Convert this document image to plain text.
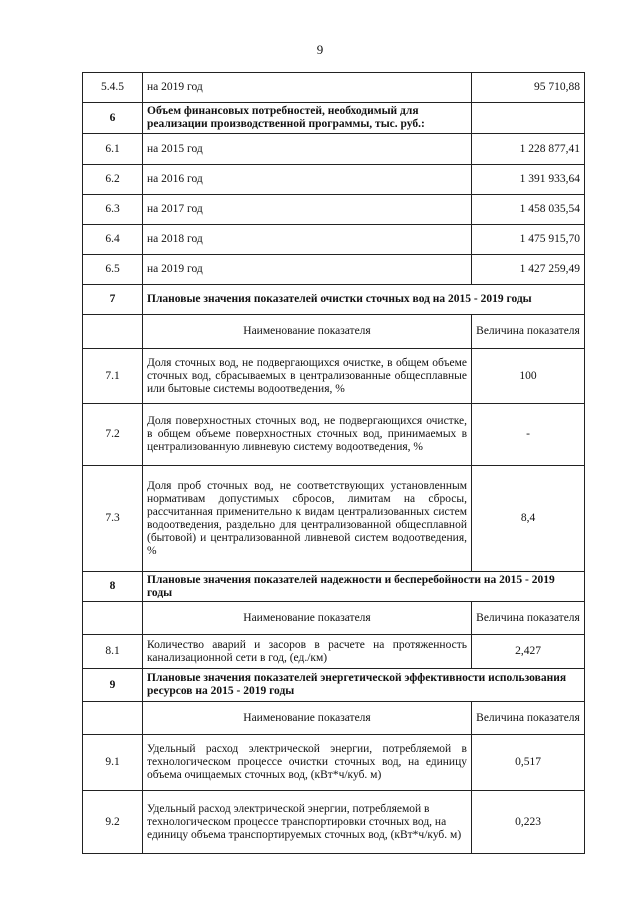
9
5.4.5	на 2019 год	95 710,88
6	Объем финансовых потребностей, необходимый для реализации производственной программы, тыс. руб.:	
6.1	на 2015 год	1 228 877,41
6.2	на 2016 год	1 391 933,64
6.3	на 2017 год	1 458 035,54
6.4	на 2018 год	1 475 915,70
6.5	на 2019 год	1 427 259,49
7	Плановые значения показателей очистки сточных вод на 2015 - 2019 годы	
	Наименование показателя	Величина показателя
7.1	Доля сточных вод, не подвергающихся очистке, в общем объеме сточных вод, сбрасываемых в централизованные общесплавные или бытовые системы водоотведения, %	100
7.2	Доля поверхностных сточных вод, не подвергающихся очистке, в общем объеме поверхностных сточных вод, принимаемых в централизованную ливневую систему водоотведения, %	-
7.3	Доля проб сточных вод, не соответствующих установленным нормативам допустимых сбросов, лимитам на сбросы, рассчитанная применительно к видам централизованных систем водоотведения, раздельно для централизованной общесплавной (бытовой) и централизованной ливневой систем водоотведения, %	8,4
8	Плановые значения показателей надежности и бесперебойности на 2015 - 2019 годы	
	Наименование показателя	Величина показателя
8.1	Количество аварий и засоров в расчете на протяженность канализационной сети в год, (ед./км)	2,427
9	Плановые значения показателей энергетической эффективности использования ресурсов на 2015 - 2019 годы	
	Наименование показателя	Величина показателя
9.1	Удельный расход электрической энергии, потребляемой в технологическом процессе очистки сточных вод, на единицу объема очищаемых сточных вод, (кВт*ч/куб. м)	0,517
9.2	Удельный расход электрической энергии, потребляемой в технологическом процессе транспортировки сточных вод, на единицу объема транспортируемых сточных вод, (кВт*ч/куб. м)	0,223
